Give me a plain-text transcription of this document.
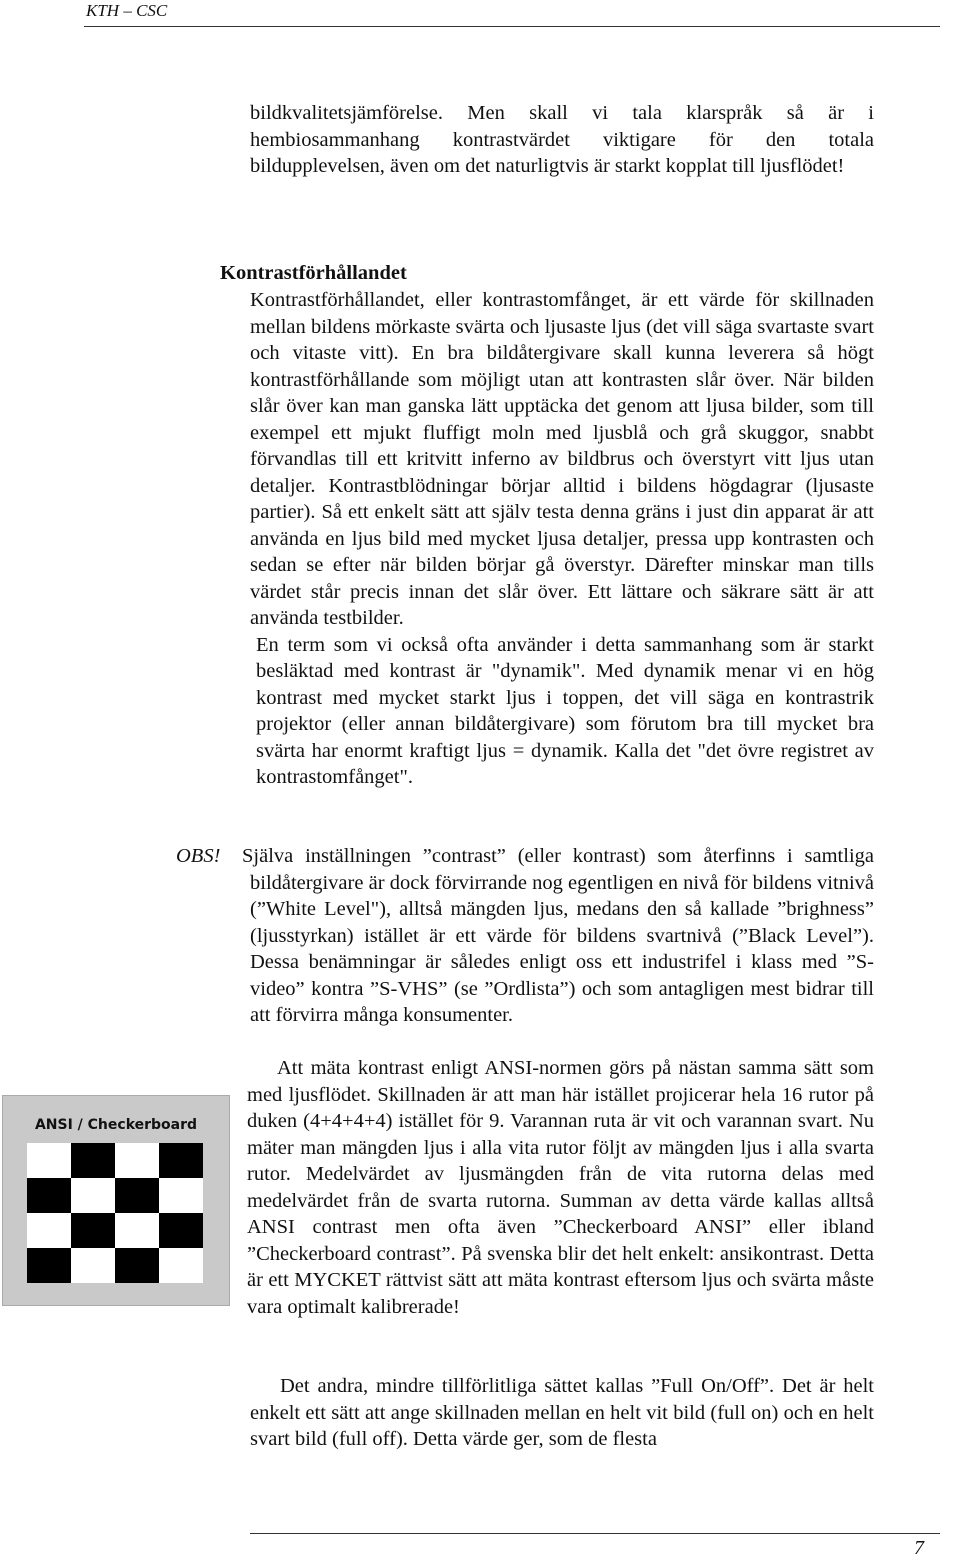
KTH – CSC

bildkvalitetsjämförelse. Men skall vi tala klarspråk så är i hembiosammanhang kontrastvärdet viktigare för den totala bildupplevelsen, även om det naturligtvis är starkt kopplat till ljusflödet!

Kontrastförhållandet

Kontrastförhållandet, eller kontrastomfånget, är ett värde för skillnaden mellan bildens mörkaste svärta och ljusaste ljus (det vill säga svartaste svart och vitaste vitt). En bra bildåtergivare skall kunna leverera så högt kontrastförhållande som möjligt utan att kontrasten slår över. När bilden slår över kan man ganska lätt upptäcka det genom att ljusa bilder, som till exempel ett mjukt fluffigt moln med ljusblå och grå skuggor, snabbt förvandlas till ett kritvitt inferno av bildbrus och överstyrt vitt ljus utan detaljer. Kontrastblödningar börjar alltid i bildens högdagrar (ljusaste partier). Så ett enkelt sätt att själv testa denna gräns i just din apparat är att använda en ljus bild med mycket ljusa detaljer, pressa upp kontrasten och sedan se efter när bilden börjar gå överstyr. Därefter minskar man tills värdet står precis innan det slår över. Ett lättare och säkrare sätt är att använda testbilder.

En term som vi också ofta använder i detta sammanhang som är starkt besläktad med kontrast är "dynamik". Med dynamik menar vi en hög kontrast med mycket starkt ljus i toppen, det vill säga en kontrastrik projektor (eller annan bildåtergivare) som förutom bra till mycket bra svärta har enormt kraftigt ljus = dynamik. Kalla det "det övre registret av kontrastomfånget".

OBS! Själva inställningen ”contrast” (eller kontrast) som återfinns i samtliga bildåtergivare är dock förvirrande nog egentligen en nivå för bildens vitnivå (”White Level"), alltså mängden ljus, medans den så kallade ”brighness” (ljusstyrkan) istället är ett värde för bildens svartnivå (”Black Level”). Dessa benämningar är således enligt oss ett industrifel i klass med ”S-video” kontra ”S-VHS” (se ”Ordlista”) och som antagligen mest bidrar till att förvirra många konsumenter.

ANSI / Checkerboard

Att mäta kontrast enligt ANSI-normen görs på nästan samma sätt som med ljusflödet. Skillnaden är att man här istället projicerar hela 16 rutor på duken (4+4+4+4) istället för 9. Varannan ruta är vit och varannan svart. Nu mäter man mängden ljus i alla vita rutor följt av mängden ljus i alla svarta rutor. Medelvärdet av ljusmängden från de vita rutorna delas med medelvärdet från de svarta rutorna. Summan av detta värde kallas alltså ANSI contrast men ofta även ”Checkerboard ANSI” eller ibland ”Checkerboard contrast”. På svenska blir det helt enkelt: ansikontrast. Detta är ett MYCKET rättvist sätt att mäta kontrast eftersom ljus och svärta måste vara optimalt kalibrerade!

Det andra, mindre tillförlitliga sättet kallas ”Full On/Off”. Det är helt enkelt ett sätt att ange skillnaden mellan en helt vit bild (full on) och en helt svart bild (full off). Detta värde ger, som de flesta

7
